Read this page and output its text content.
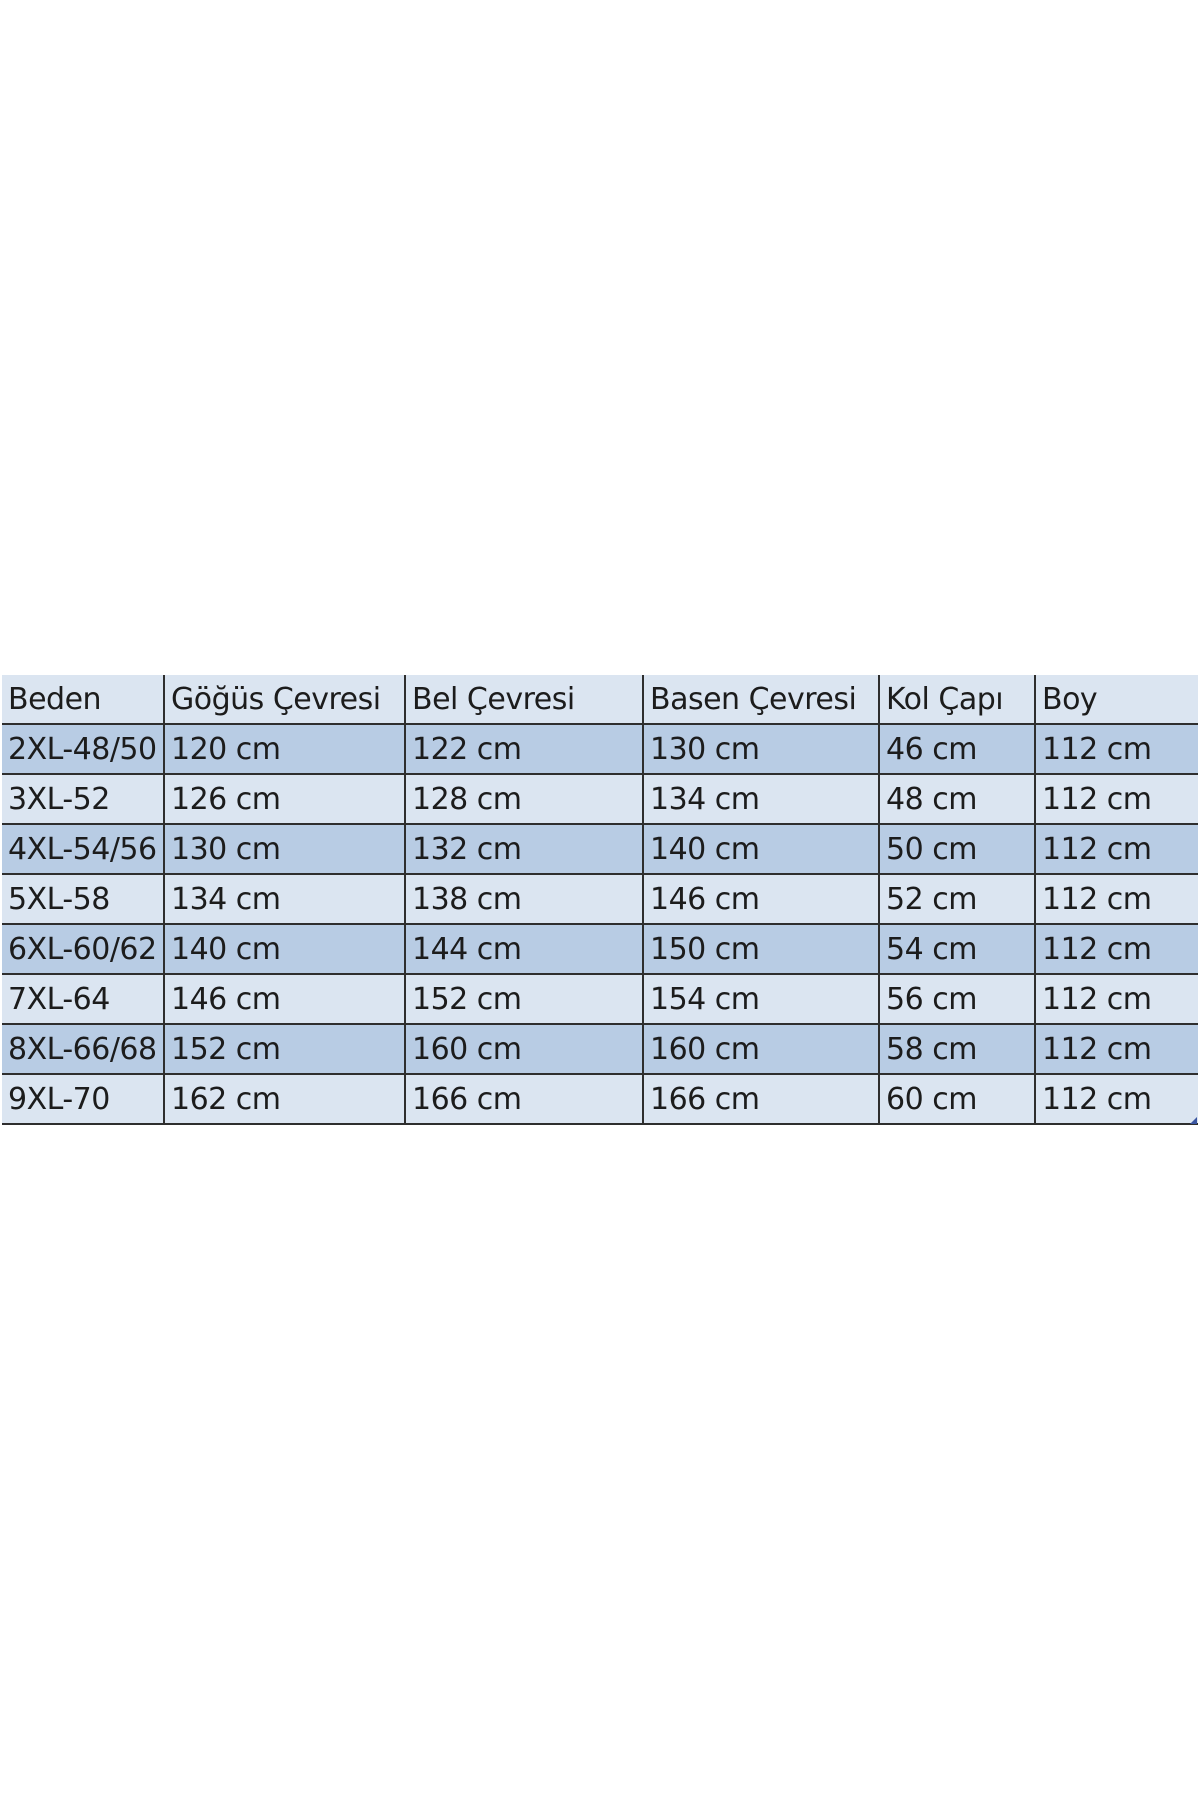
Beden	Göğüs Çevresi	Bel Çevresi	Basen Çevresi	Kol Çapı	Boy
2XL-48/50	120 cm	122 cm	130 cm	46 cm	112 cm
3XL-52	126 cm	128 cm	134 cm	48 cm	112 cm
4XL-54/56	130 cm	132 cm	140 cm	50 cm	112 cm
5XL-58	134 cm	138 cm	146 cm	52 cm	112 cm
6XL-60/62	140 cm	144 cm	150 cm	54 cm	112 cm
7XL-64	146 cm	152 cm	154 cm	56 cm	112 cm
8XL-66/68	152 cm	160 cm	160 cm	58 cm	112 cm
9XL-70	162 cm	166 cm	166 cm	60 cm	112 cm
